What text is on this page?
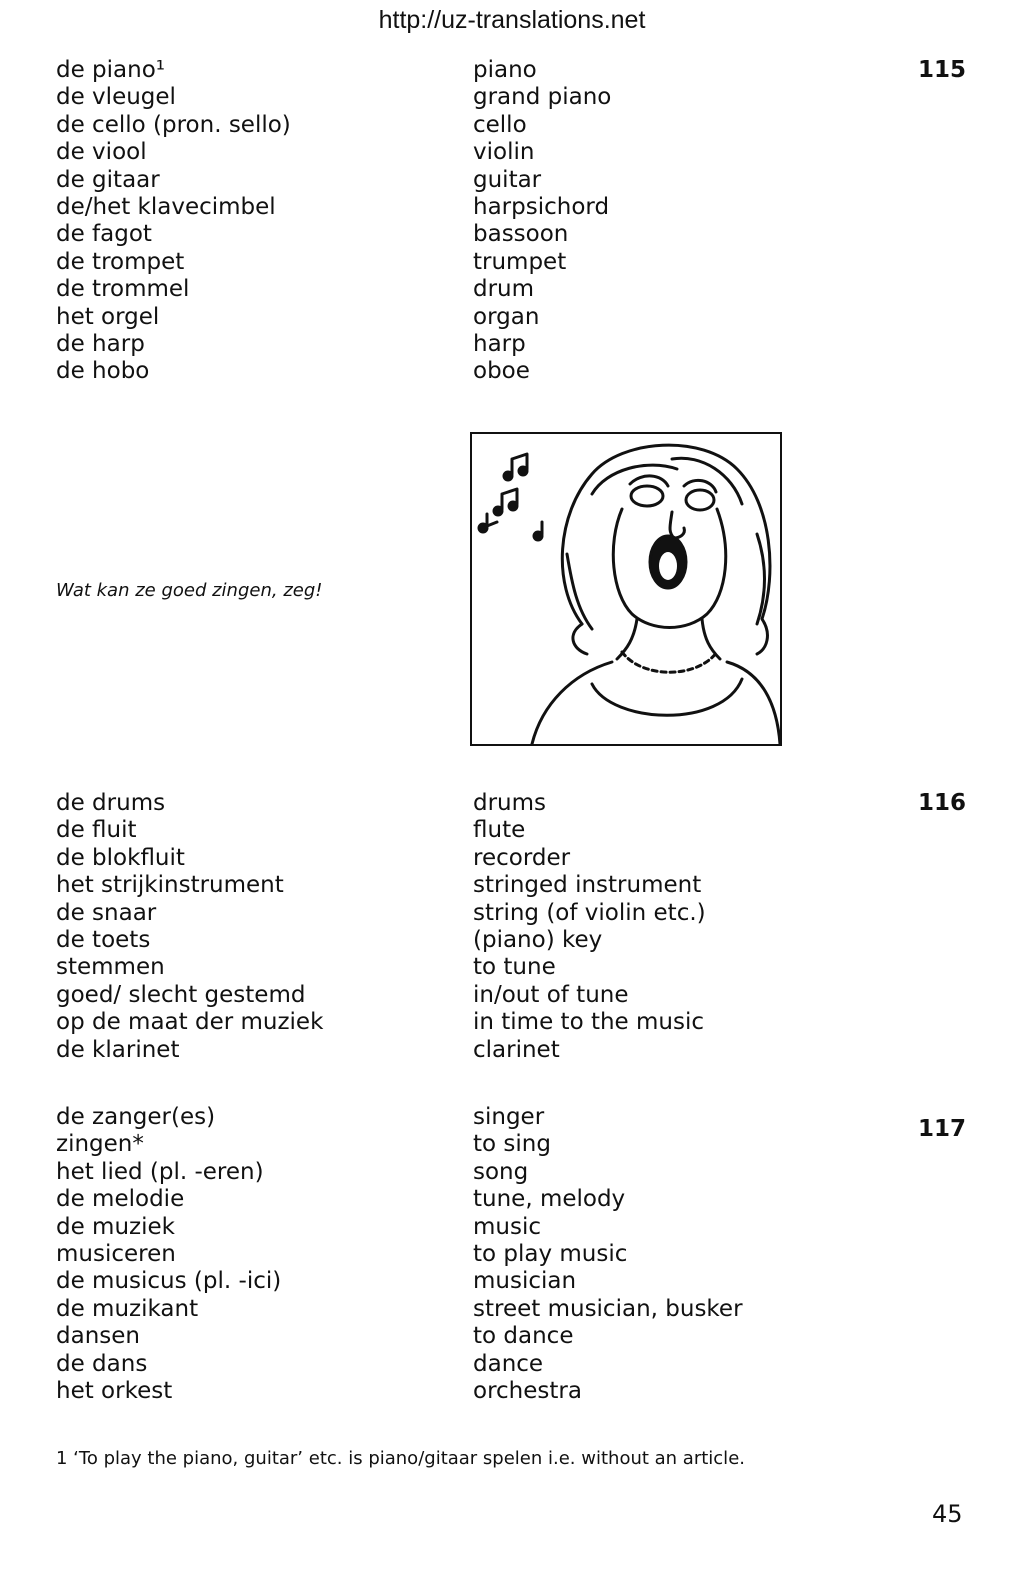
http://uz-translations.net
115
de piano¹	piano
de vleugel	grand piano
de cello (pron. sello)	cello
de viool	violin
de gitaar	guitar
de/het klavecimbel	harpsichord
de fagot	bassoon
de trompet	trumpet
de trommel	drum
het orgel	organ
de harp	harp
de hobo	oboe
Wat kan ze goed zingen, zeg!
116
de drums	drums
de fluit	flute
de blokfluit	recorder
het strijkinstrument	stringed instrument
de snaar	string (of violin etc.)
de toets	(piano) key
stemmen	to tune
goed/ slecht gestemd	in/out of tune
op de maat der muziek	in time to the music
de klarinet	clarinet
117
de zanger(es)	singer
zingen*	to sing
het lied (pl. -eren)	song
de melodie	tune, melody
de muziek	music
musiceren	to play music
de musicus (pl. -ici)	musician
de muzikant	street musician, busker
dansen	to dance
de dans	dance
het orkest	orchestra
1 ‘To play the piano, guitar’ etc. is piano/gitaar spelen i.e. without an article.
45
